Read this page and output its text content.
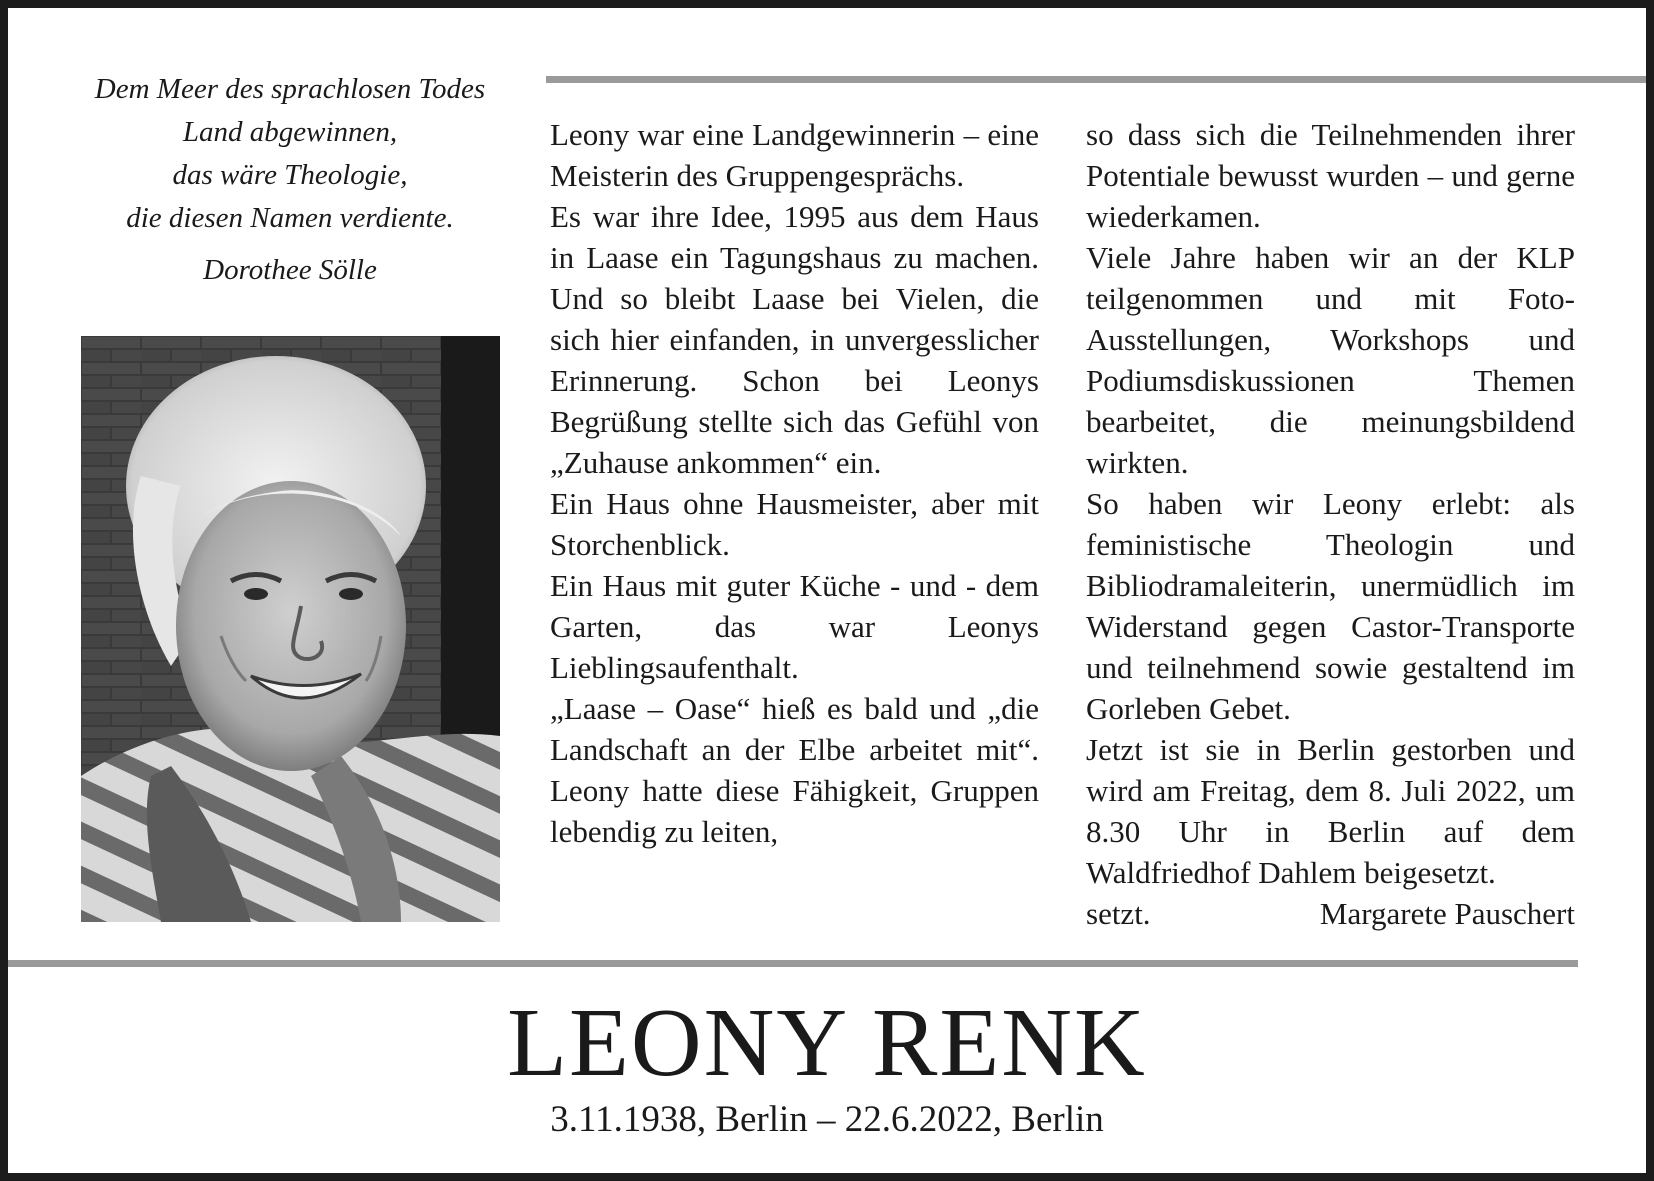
Dem Meer des sprachlosen Todes
Land abgewinnen,
das wäre Theologie,
die diesen Namen verdiente.
Dorothee Sölle
Leony war eine Landgewinnerin – eine Meisterin des Gruppengesprächs.
Es war ihre Idee, 1995 aus dem Haus in Laase ein Tagungshaus zu machen. Und so bleibt Laase bei Vielen, die sich hier einfanden, in unvergesslicher Erinnerung. Schon bei Leonys Begrüßung stellte sich das Gefühl von „Zuhause ankommen“ ein.
Ein Haus ohne Hausmeister, aber mit Storchenblick.
Ein Haus mit guter Küche - und - dem Garten, das war Leonys Lieblingsaufenthalt.
„Laase – Oase“ hieß es bald und „die Landschaft an der Elbe arbeitet mit“. Leony hatte diese Fähigkeit, Gruppen lebendig zu leiten,
so dass sich die Teilnehmenden ihrer Potentiale bewusst wurden – und gerne wiederkamen.
Viele Jahre haben wir an der KLP teilgenommen und mit Foto-Ausstellungen, Workshops und Podiumsdiskussionen Themen bearbeitet, die meinungsbildend wirkten.
So haben wir Leony erlebt: als feministische Theologin und Bibliodramaleiterin, unermüdlich im Widerstand gegen Castor-Transporte und teilnehmend sowie gestaltend im Gorleben Gebet.
Jetzt ist sie in Berlin gestorben und wird am Freitag, dem 8. Juli 2022, um 8.30 Uhr in Berlin auf dem Waldfriedhof Dahlem beigesetzt.
setzt.	Margarete Pauschert
LEONY RENK
3.11.1938, Berlin – 22.6.2022, Berlin
